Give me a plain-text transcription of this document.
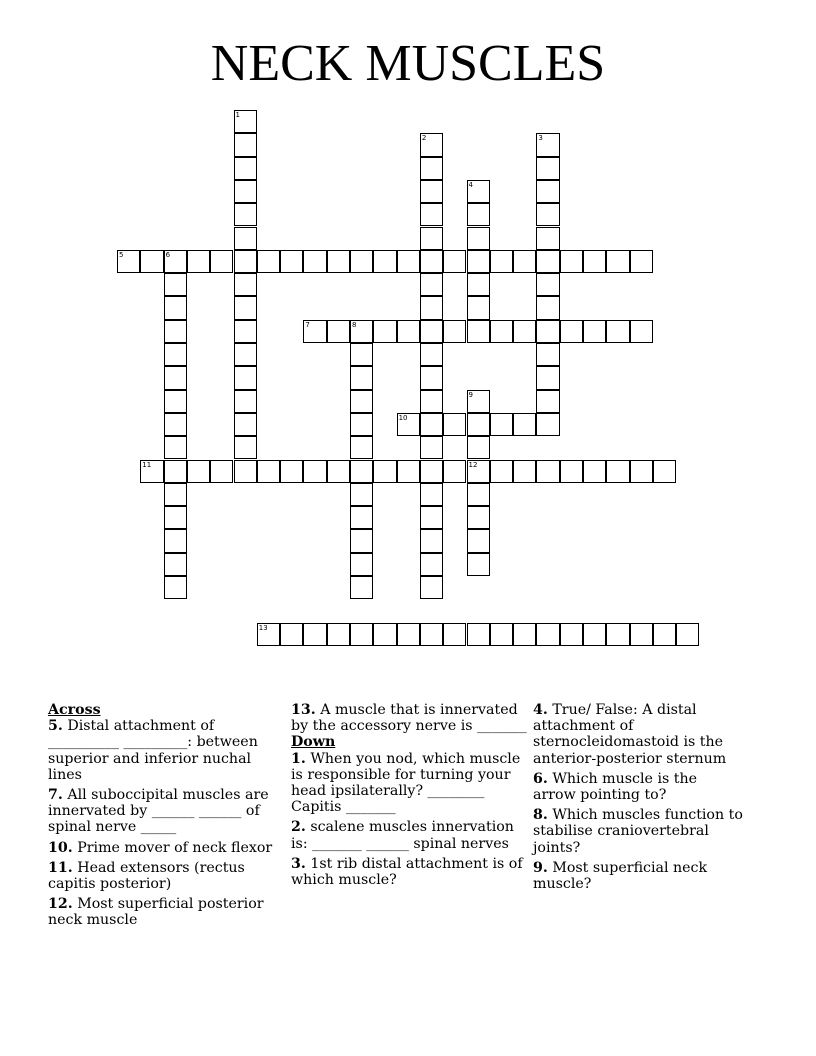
NECK MUSCLES
1
2	3
4
5	6
7	8
9
12
10
11
13
Across
5. Distal attachment of __________ _________: between superior and inferior nuchal lines
7. All suboccipital muscles are innervated by ______ ______ of spinal nerve _____
10. Prime mover of neck flexor
11. Head extensors (rectus capitis posterior)
12. Most superficial posterior neck muscle
13. A muscle that is innervated by the accessory nerve is _______
Down
1. When you nod, which muscle is responsible for turning your head ipsilaterally? ________ Capitis _______
2. scalene muscles innervation is: _______ ______ spinal nerves
3. 1st rib distal attachment is of which muscle?
4. True/ False: A distal attachment of sternocleidomastoid is the anterior-posterior sternum
6. Which muscle is the arrow pointing to?
8. Which muscles function to stabilise craniovertebral joints?
9. Most superficial neck muscle?
